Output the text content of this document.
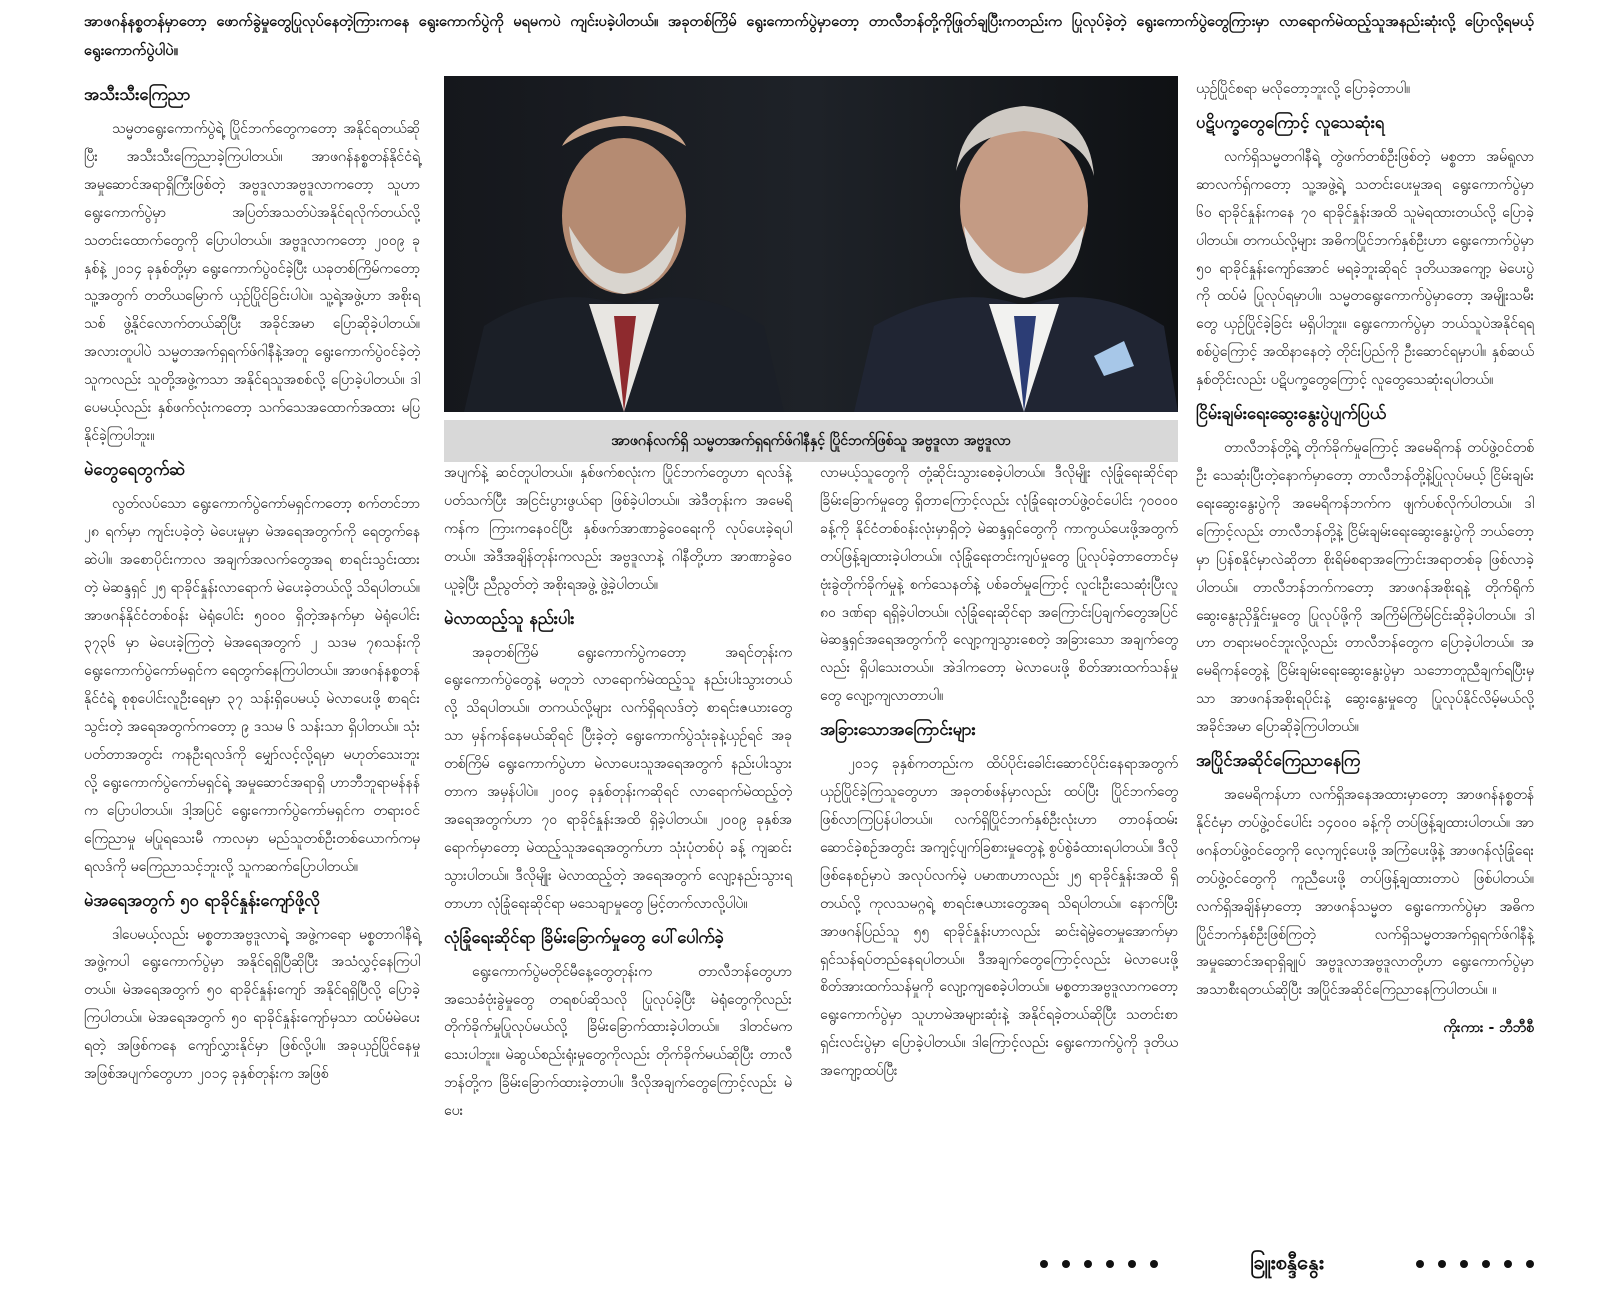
အာဖဂန်နစ္စတန်မှာတော့ ဖောက်ခွဲမှုတွေပြုလုပ်နေတဲ့ကြားကနေ ရွေးကောက်ပွဲကို မရမကပဲ ကျင်းပခဲ့ပါတယ်။ အခုတစ်ကြိမ် ရွေးကောက်ပွဲမှာတော့ တာလီဘန်တို့ကိုဖြုတ်ချပြီးကတည်းက ပြုလုပ်ခဲ့တဲ့ ရွေးကောက်ပွဲတွေကြားမှာ လာရောက်မဲထည့်သူအနည်းဆုံးလို့ ပြောလို့ရမယ့် ရွေးကောက်ပွဲပါပဲ။
အသီးသီးကြေညာ

သမ္မတရွေးကောက်ပွဲရဲ့ ပြိုင်ဘက်တွေကတော့ အနိုင်ရတယ်ဆိုပြီး အသီးသီးကြေညာခဲ့ကြပါတယ်။ အာဖဂန်နစ္စတန်နိုင်ငံရဲ့ အမှုဆောင်အရာရှိကြီးဖြစ်တဲ့ အဗ္ဗဒူလာအဗ္ဗဒူလာကတော့ သူဟာရွေးကောက်ပွဲမှာ အပြတ်အသတ်ပဲအနိုင်ရလိုက်တယ်လို့ သတင်းထောက်တွေကို ပြောပါတယ်။ အဗ္ဗဒူလာကတော့ ၂၀၀၉ ခုနှစ်နဲ့ ၂၀၁၄ ခုနှစ်တို့မှာ ရွေးကောက်ပွဲဝင်ခဲ့ပြီး ယခုတစ်ကြိမ်ကတော့ သူ့အတွက် တတိယမြောက် ယှဉ်ပြိုင်ခြင်းပါပဲ။ သူ့ရဲ့အဖွဲ့ဟာ အစိုးရသစ် ဖွဲ့နိုင်လောက်တယ်ဆိုပြီး အခိုင်အမာ ပြောဆိုခဲ့ပါတယ်။ အလားတူပါပဲ သမ္မတအက်ရှရက်ဖ်ဂါနီနဲ့အတူ ရွေးကောက်ပွဲဝင်ခဲ့တဲ့ သူကလည်း သူတို့အဖွဲ့ကသာ အနိုင်ရသူအစစ်လို့ ပြောခဲ့ပါတယ်။ ဒါပေမယ့်လည်း နှစ်ဖက်လုံးကတော့ သက်သေအထောက်အထား မပြနိုင်ခဲ့ကြပါဘူး။

မဲတွေရေတွက်ဆဲ

လွတ်လပ်သော ရွေးကောက်ပွဲကော်မရှင်ကတော့ စက်တင်ဘာ ၂၈ ရက်မှာ ကျင်းပခဲ့တဲ့ မဲပေးမှုမှာ မဲအရေအတွက်ကို ရေတွက်နေဆဲပါ။ အစောပိုင်းကာလ အချက်အလက်တွေအရ စာရင်းသွင်းထားတဲ့ မဲဆန္ဒရှင် ၂၅ ရာခိုင်နှုန်းလာရောက် မဲပေးခဲ့တယ်လို့ သိရပါတယ်။ အာဖဂန်နိုင်ငံတစ်ဝန်း မဲရုံပေါင်း ၅၀၀၀ ရှိတဲ့အနက်မှာ မဲရုံပေါင်း ၃၇၃၆ မှာ မဲပေးခဲ့ကြတဲ့ မဲအရေအတွက် ၂ သဒမ ၇၈သန်းကို ရွေးကောက်ပွဲကော်မရှင်က ရေတွက်နေကြပါတယ်။ အာဖဂန်နစ္စတန်နိုင်ငံရဲ့ စုစုပေါင်းလူဦးရေမှာ ၃၇ သန်းရှိပေမယ့် မဲလာပေးဖို့ စာရင်းသွင်းတဲ့ အရေအတွက်ကတော့ ၉ ဒသမ ၆ သန်းသာ ရှိပါတယ်။ သုံးပတ်တာအတွင်း ကနဦးရလဒ်ကို မျှော်လင့်လို့ရမှာ မဟုတ်သေးဘူးလို့ ရွေးကောက်ပွဲကော်မရှင်ရဲ့ အမှုဆောင်အရာရှိ ဟာဘီဘူရာမန်နန်က ပြောပါတယ်။ ဒါ့အပြင် ရွေးကောက်ပွဲကော်မရှင်က တရားဝင်ကြေညာမှု မပြုရသေးမီ ကာလမှာ မည်သူတစ်ဦးတစ်ယောက်ကမှ ရလဒ်ကို မကြေညာသင့်ဘူးလို့ သူကဆက်ပြောပါတယ်။

မဲအရေအတွက် ၅၀ ရာခိုင်နှုန်းကျော်ဖို့လို

ဒါပေမယ့်လည်း မစ္စတာအဗ္ဗဒူလာရဲ့ အဖွဲ့ကရော မစ္စတာဂါနီရဲ့အဖွဲ့ကပါ ရွေးကောက်ပွဲမှာ အနိုင်ရရှိပြီဆိုပြီး အသံလွှင့်နေကြပါတယ်။ မဲအရေအတွက် ၅၀ ရာခိုင်နှုန်းကျော် အနိုင်ရရှိပြီလို့ ပြောခဲ့ကြပါတယ်။ မဲအရေအတွက် ၅၀ ရာခိုင်နှုန်းကျော်မှသာ ထပ်မံမဲပေးရတဲ့ အဖြစ်ကနေ ကျော်လွှားနိုင်မှာ ဖြစ်လို့ပါ။ အခုယှဉ်ပြိုင်နေမှုအဖြစ်အပျက်တွေဟာ ၂၀၁၄ ခုနှစ်တုန်းက အဖြစ်

အာဖဂန်လက်ရှိ သမ္မတအက်ရှရက်ဖ်ဂါနီနှင့် ပြိုင်ဘက်ဖြစ်သူ အဗ္ဗဒူလာ အဗ္ဗဒူလာ

အပျက်နဲ့ ဆင်တူပါတယ်။ နှစ်ဖက်စလုံးက ပြိုင်ဘက်တွေဟာ ရလဒ်နဲ့ပတ်သက်ပြီး အငြင်းပွားဖွယ်ရာ ဖြစ်ခဲ့ပါတယ်။ အဲဒီတုန်းက အမေရိကန်က ကြားကနေဝင်ပြီး နှစ်ဖက်အာဏာခွဲဝေရေးကို လုပ်ပေးခဲ့ရပါတယ်။ အဲဒီအချိန်တုန်းကလည်း အဗ္ဗဒူလာနဲ့ ဂါနီတို့ဟာ အာဏာခွဲဝေယူခဲ့ပြီး ညီညွတ်တဲ့ အစိုးရအဖွဲ့ ဖွဲ့ခဲ့ပါတယ်။

မဲလာထည့်သူ နည်းပါး

အခုတစ်ကြိမ် ရွေးကောက်ပွဲကတော့ အရင်တုန်းက ရွေးကောက်ပွဲတွေနဲ့ မတူဘဲ လာရောက်မဲထည့်သူ နည်းပါးသွားတယ်လို့ သိရပါတယ်။ တကယ်လို့များ လက်ရှိရလဒ်တဲ့ စာရင်းဇယားတွေသာ မှန်ကန်နေမယ်ဆိုရင် ပြီးခဲ့တဲ့ ရွေးကောက်ပွဲသုံးခုနဲ့ယှဉ်ရင် အခုတစ်ကြိမ် ရွေးကောက်ပွဲဟာ မဲလာပေးသူအရေအတွက် နည်းပါးသွားတာက အမှန်ပါပဲ။ ၂၀၀၄ ခုနှစ်တုန်းကဆိုရင် လာရောက်မဲထည့်တဲ့ အရေအတွက်ဟာ ၇၀ ရာခိုင်နှုန်းအထိ ရှိခဲ့ပါတယ်။ ၂၀၀၉ ခုနှစ်အရောက်မှာတော့ မဲထည့်သူအရေအတွက်ဟာ သုံးပုံတစ်ပုံ ခန့် ကျဆင်းသွားပါတယ်။ ဒီလိုမျိုး မဲလာထည့်တဲ့ အရေအတွက် လျော့နည်းသွားရတာဟာ လုံခြုံရေးဆိုင်ရာ မသေချာမှုတွေ မြင့်တက်လာလို့ပါပဲ။

လုံခြုံရေးဆိုင်ရာ ခြိမ်းခြောက်မှုတွေ ပေါ်ပေါက်ခဲ့

ရွေးကောက်ပွဲမတိုင်မီနေ့တွေတုန်းက တာလီဘန်တွေဟာ အသေခံဗုံးခွဲမှုတွေ တရစပ်ဆိုသလို ပြုလုပ်ခဲ့ပြီး မဲရုံတွေကိုလည်း တိုက်ခိုက်မှုပြုလုပ်မယ်လို့ ခြိမ်းခြောက်ထားခဲ့ပါတယ်။ ဒါတင်မကသေးပါဘူး။ မဲဆွယ်စည်းရုံးမှုတွေကိုလည်း တိုက်ခိုက်မယ်ဆိုပြီး တာလီဘန်တို့က ခြိမ်းခြောက်ထားခဲ့တာပါ။ ဒီလိုအချက်တွေကြောင့်လည်း မဲပေး

လာမယ့်သူတွေကို တုံ့ဆိုင်းသွားစေခဲ့ပါတယ်။ ဒီလိုမျိုး လုံခြုံရေးဆိုင်ရာ ခြိမ်းခြောက်မှုတွေ ရှိတာကြောင့်လည်း လုံခြုံရေးတပ်ဖွဲ့ဝင်ပေါင်း ၇၀၀၀၀ ခန့်ကို နိုင်ငံတစ်ဝန်းလုံးမှာရှိတဲ့ မဲဆန္ဒရှင်တွေကို ကာကွယ်ပေးဖို့အတွက် တပ်ဖြန့်ချထားခဲ့ပါတယ်။ လုံခြုံရေးတင်းကျပ်မှုတွေ ပြုလုပ်ခဲ့တာတောင်မှ ဗုံးခွဲတိုက်ခိုက်မှုနဲ့ စက်သေနတ်နဲ့ ပစ်ခတ်မှုကြောင့် လူငါးဦးသေဆုံးပြီးလူ ၈၀ ဒဏ်ရာ ရရှိခဲ့ပါတယ်။ လုံခြုံရေးဆိုင်ရာ အကြောင်းပြချက်တွေအပြင် မဲဆန္ဒရှင်အရေအတွက်ကို လျော့ကျသွားစေတဲ့ အခြားသော အချက်တွေလည်း ရှိပါသေးတယ်။ အဲဒါကတော့ မဲလာပေးဖို့ စိတ်အားထက်သန်မှုတွေ လျော့ကျလာတာပါ။

အခြားသောအကြောင်းများ

၂၀၁၄ ခုနှစ်ကတည်းက ထိပ်ပိုင်းခေါင်းဆောင်ပိုင်းနေရာအတွက် ယှဉ်ပြိုင်ခဲ့ကြသူတွေဟာ အခုတစ်ဖန်မှာလည်း ထပ်ပြီး ပြိုင်ဘက်တွေ ဖြစ်လာကြပြန်ပါတယ်။ လက်ရှိပြိုင်ဘက်နှစ်ဦးလုံးဟာ တာဝန်ထမ်းဆောင်ခဲ့စဉ်အတွင်း အကျင့်ပျက်ခြစားမှုတွေနဲ့ စွပ်စွဲခံထားရပါတယ်။ ဒီလိုဖြစ်နေစဉ်မှာပဲ အလုပ်လက်မဲ့ ပမာဏဟာလည်း ၂၅ ရာခိုင်နှုန်းအထိ ရှိတယ်လို့ ကုလသမဂ္ဂရဲ့ စာရင်းဇယားတွေအရ သိရပါတယ်။ နောက်ပြီး အာဖဂန်ပြည်သူ ၅၅ ရာခိုင်နှုန်းဟာလည်း ဆင်းရဲမွဲတေမှုအောက်မှာ ရှင်သန်ရပ်တည်နေရပါတယ်။ ဒီအချက်တွေကြောင့်လည်း မဲလာပေးဖို့ စိတ်အားထက်သန်မှုကို လျော့ကျစေခဲ့ပါတယ်။ မစ္စတာအဗ္ဗဒူလာကတော့ ရွေးကောက်ပွဲမှာ သူဟာမဲအများဆုံးနဲ့ အနိုင်ရခဲ့တယ်ဆိုပြီး သတင်းစာရှင်းလင်းပွဲမှာ ပြောခဲ့ပါတယ်။ ဒါကြောင့်လည်း ရွေးကောက်ပွဲကို ဒုတိယအကျော့ထပ်ပြီး

ယှဉ်ပြိုင်စရာ မလိုတော့ဘူးလို့ ပြောခဲ့တာပါ။

ပဋိပက္ခတွေကြောင့် လူသေဆုံးရ

လက်ရှိသမ္မတဂါနီရဲ့ တွဲဖက်တစ်ဦးဖြစ်တဲ့ မစ္စတာ အမ်ရူလာဆာလက်ရှ်ကတော့ သူ့အဖွဲ့ရဲ့ သတင်းပေးမှုအရ ရွေးကောက်ပွဲမှာ ၆၀ ရာခိုင်နှုန်းကနေ ၇၀ ရာခိုင်နှုန်းအထိ သူမဲရထားတယ်လို့ ပြောခဲ့ပါတယ်။ တကယ်လို့များ အဓိကပြိုင်ဘက်နှစ်ဦးဟာ ရွေးကောက်ပွဲမှာ ၅၀ ရာခိုင်နှုန်းကျော်အောင် မရခဲ့ဘူးဆိုရင် ဒုတိယအကျော့ မဲပေးပွဲကို ထပ်မံ ပြုလုပ်ရမှာပါ။ သမ္မတရွေးကောက်ပွဲမှာတော့ အမျိုးသမီးတွေ ယှဉ်ပြိုင်ခဲ့ခြင်း မရှိပါဘူး။ ရွေးကောက်ပွဲမှာ ဘယ်သူပဲအနိုင်ရရ စစ်ပွဲကြောင့် အထိနာနေတဲ့ တိုင်းပြည်ကို ဦးဆောင်ရမှာပါ။ နှစ်ဆယ်နှစ်တိုင်းလည်း ပဋိပက္ခတွေကြောင့် လူတွေသေဆုံးရပါတယ်။

ငြိမ်းချမ်းရေးဆွေးနွေးပွဲပျက်ပြယ်

တာလီဘန်တို့ရဲ့ တိုက်ခိုက်မှုကြောင့် အမေရိကန် တပ်ဖွဲ့ဝင်တစ်ဦး သေဆုံးပြီးတဲ့နောက်မှာတော့ တာလီဘန်တို့နဲ့ပြုလုပ်မယ့် ငြိမ်းချမ်းရေးဆွေးနွေးပွဲကို အမေရိကန်ဘက်က ဖျက်ပစ်လိုက်ပါတယ်။ ဒါကြောင့်လည်း တာလီဘန်တို့နဲ့ ငြိမ်းချမ်းရေးဆွေးနွေးပွဲကို ဘယ်တော့မှာ ပြန်စနိုင်မှာလဲဆိုတာ စိုးရိမ်စရာအကြောင်းအရာတစ်ခု ဖြစ်လာခဲ့ပါတယ်။ တာလီဘန်ဘက်ကတော့ အာဖဂန်အစိုးရနဲ့ တိုက်ရိုက်ဆွေးနွေးညှိနှိုင်းမှုတွေ ပြုလုပ်ဖို့ကို အကြိမ်ကြိမ်ငြင်းဆိုခဲ့ပါတယ်။ ဒါဟာ တရားမဝင်ဘူးလို့လည်း တာလီဘန်တွေက ပြောခဲ့ပါတယ်။ အမေရိကန်တွေနဲ့ ငြိမ်းချမ်းရေးဆွေးနွေးပွဲမှာ သဘောတူညီချက်ရပြီးမှသာ အာဖဂန်အစိုးရပိုင်းနဲ့ ဆွေးနွေးမှုတွေ ပြုလုပ်နိုင်လိမ့်မယ်လို့ အခိုင်အမာ ပြောဆိုခဲ့ကြပါတယ်။

အပြိုင်အဆိုင်ကြေညာနေကြ

အမေရိကန်ဟာ လက်ရှိအနေအထားမှာတော့ အာဖဂန်နစ္စတန်နိုင်ငံမှာ တပ်ဖွဲ့ဝင်ပေါင်း ၁၄၀၀၀ ခန့်ကို တပ်ဖြန့်ချထားပါတယ်။ အာဖဂန်တပ်ဖွဲ့ဝင်တွေကို လေ့ကျင့်ပေးဖို့ အကြံပေးဖို့နဲ့ အာဖဂန်လုံခြုံရေးတပ်ဖွဲ့ဝင်တွေကို ကူညီပေးဖို့ တပ်ဖြန့်ချထားတာပဲ ဖြစ်ပါတယ်။ လက်ရှိအချိန်မှာတော့ အာဖဂန်သမ္မတ ရွေးကောက်ပွဲမှာ အဓိကပြိုင်ဘက်နှစ်ဦးဖြစ်ကြတဲ့ လက်ရှိသမ္မတအက်ရှရက်ဖ်ဂါနီနဲ့ အမှုဆောင်အရာရှိချုပ် အဗ္ဗဒူလာအဗ္ဗဒူလာတို့ဟာ ရွေးကောက်ပွဲမှာ အသာစီးရတယ်ဆိုပြီး အပြိုင်အဆိုင်ကြေညာနေကြပါတယ်။ ။

ကိုးကား - ဘီဘီစီ
ခြူးစန္ဒီနွေး
